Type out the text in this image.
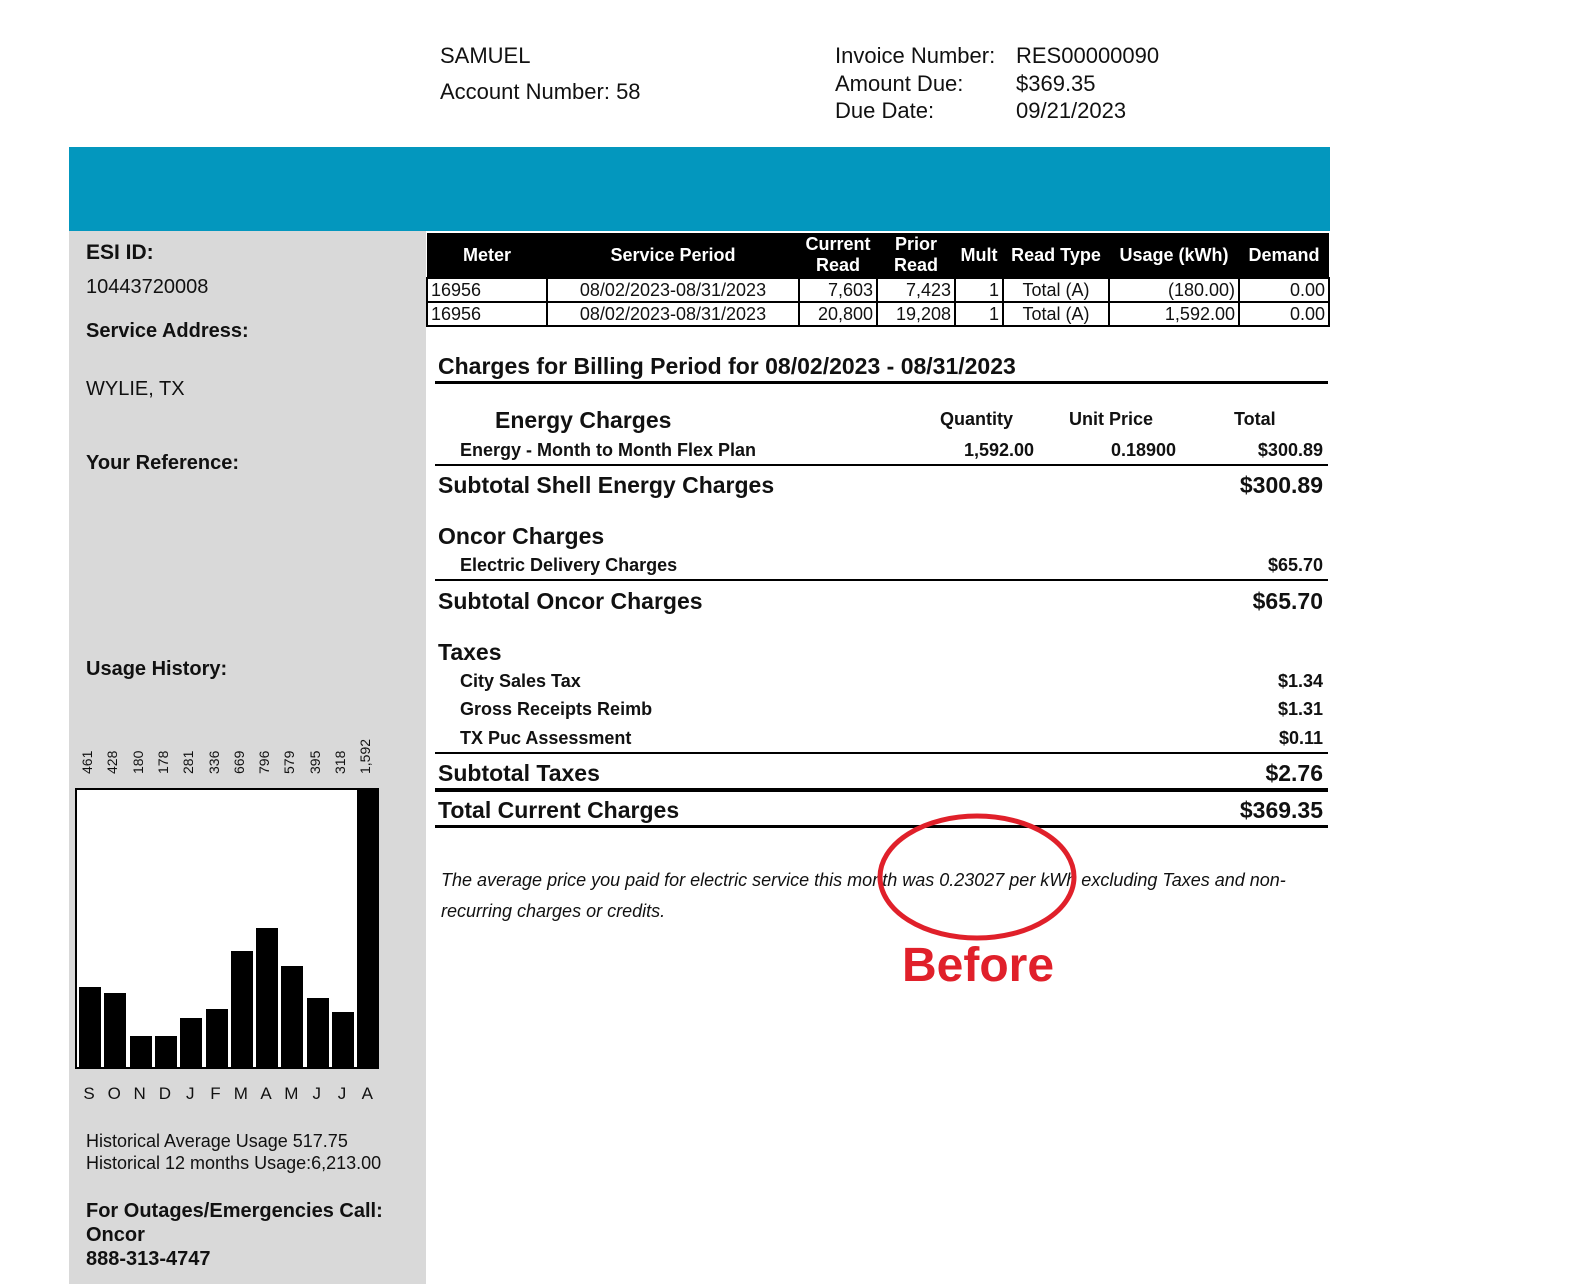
SAMUEL
Account Number: 58
Invoice Number: RES00000090
Amount Due: $369.35
Due Date:	09/21/2023
ESI ID:
10443720008
Service Address:
WYLIE, TX
Your Reference:
Usage History:
461 428 180 178 281 336 669 796 579 395 318 1,592
S O N D J F M A M J J A
Historical Average Usage 517.75
Historical 12 months Usage:6,213.00
For Outages/Emergencies Call:
Oncor
888-313-4747
Meter	Service Period	Current Read	Prior Read	Mult	Read Type	Usage (kWh)	Demand
16956	08/02/2023-08/31/2023	7,603	7,423	1	Total (A)	(180.00)	0.00
16956	08/02/2023-08/31/2023	20,800	19,208	1	Total (A)	1,592.00	0.00
Charges for Billing Period for 08/02/2023 - 08/31/2023
Energy Charges	Quantity	Unit Price	Total
Energy - Month to Month Flex Plan	1,592.00	0.18900	$300.89
Subtotal Shell Energy Charges	$300.89
Oncor Charges
Electric Delivery Charges	$65.70
Subtotal Oncor Charges	$65.70
Taxes
City Sales Tax	$1.34
Gross Receipts Reimb	$1.31
TX Puc Assessment	$0.11
Subtotal Taxes	$2.76
Total Current Charges	$369.35
The average price you paid for electric service this month was 0.23027 per kWh excluding Taxes and non-
recurring charges or credits.
Before
